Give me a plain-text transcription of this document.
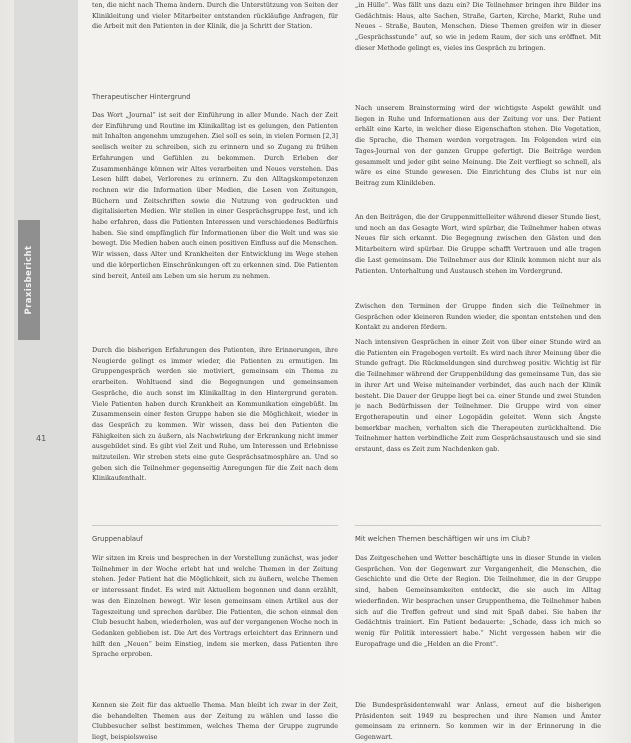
Praxisbericht
41

ten, die nicht nach Thema ändern. Durch die Unterstützung von Seiten der Klinikleitung und vieler Mitarbeiter entstanden rückläufige Anfragen, für die Arbeit mit den Patienten in der Klinik, die ja Schritt der Station.

Therapeutischer Hintergrund

Das Wort „Journal“ ist seit der Einführung in aller Munde. Nach der Zeit der Einführung und Routine im Klinikalltag ist es gelungen, den Patienten mit Inhalten angenehm umzugehen. Ziel soll es sein, in vielen Formen [2,3] seelisch weiter zu schreiben, sich zu erinnern und so Zugang zu frühen Erfahrungen und Gefühlen zu bekommen. Durch Erleben der Zusammenhänge können wir Altes verarbeiten und Neues verstehen. Das Lesen hilft dabei, Verlorenes zu erinnern. Zu den Alltagskompetenzen rechnen wir die Information über Medien, die Lesen von Zeitungen, Büchern und Zeitschriften sowie die Nutzung von gedruckten und digitalisierten Medien. Wir stellen in einer Gesprächsgruppe fest, und ich habe erfahren, dass die Patienten Interessen und verschiedenes Bedürfnis haben. Sie sind empfänglich für Informationen über die Welt und was sie bewegt. Die Medien haben auch einen positiven Einfluss auf die Menschen. Wir wissen, dass Alter und Krankheiten der Entwicklung im Wege stehen und die körperlichen Einschränkungen oft zu erkennen sind. Die Patienten sind bereit, Anteil am Leben um sie herum zu nehmen.

Durch die bisherigen Erfahrungen des Patienten, ihre Erinnerungen, ihre Neugierde gelingt es immer wieder, die Patienten zu ermutigen. Im Gruppengespräch werden sie motiviert, gemeinsam ein Thema zu erarbeiten. Wohltuend sind die Begegnungen und gemeinsamen Gespräche, die auch sonst im Klinikalltag in den Hintergrund geraten. Viele Patienten haben durch Krankheit an Kommunikation eingebüßt. Im Zusammensein einer festen Gruppe haben sie die Möglichkeit, wieder in das Gespräch zu kommen. Wir wissen, dass bei den Patienten die Fähigkeiten sich zu äußern, als Nachwirkung der Erkrankung nicht immer ausgebildet sind. Es gibt viel Zeit und Ruhe, um Interessen und Erlebnisse mitzuteilen. Wir streben stets eine gute Gesprächsatmosphäre an. Und so geben sich die Teilnehmer gegenseitig Anregungen für die Zeit nach dem Klinikaufenthalt.

Gruppenablauf

Wir sitzen im Kreis und besprechen in der Vorstellung zunächst, was jeder Teilnehmer in der Woche erlebt hat und welche Themen in der Zeitung stehen. Jeder Patient hat die Möglichkeit, sich zu äußern, welche Themen er interessant findet. Es wird mit Aktuellem begonnen und dann erzählt, was den Einzelnen bewegt. Wir lesen gemeinsam einen Artikel aus der Tageszeitung und sprechen darüber. Die Patienten, die schon einmal den Club besucht haben, wiederholen, was auf der vergangenen Woche noch in Gedanken geblieben ist. Die Art des Vortrags erleichtert das Erinnern und hilft den „Neuen“ beim Einstieg, indem sie merken, dass Patienten ihre Sprache erproben.

Kennen sie Zeit für das aktuelle Thema. Man bleibt ich zwar in der Zeit, die behandelten Themen aus der Zeitung zu wählen und lasse die Clubbesucher selbst bestimmen, welches Thema der Gruppe zugrunde liegt, beispielsweise

„in Hülle“. Was fällt uns dazu ein? Die Teilnehmer bringen ihre Bilder ins Gedächtnis: Haus, alte Sachen, Straße, Garten, Kirche, Markt, Ruhe und Neues – Straße, Bauten, Menschen. Diese Themen greifen wir in dieser „Gesprächsstunde“ auf, so wie in jedem Raum, der sich uns eröffnet. Mit dieser Methode gelingt es, vieles ins Gespräch zu bringen.

Nach unserem Brainstorming wird der wichtigste Aspekt gewählt und liegen in Ruhe und Informationen aus der Zeitung vor uns. Der Patient erhält eine Karte, in welcher diese Eigenschaften stehen. Die Vegetation, die Sprache, die Themen werden vorgetragen. Im Folgenden wird ein Tages-Journal von der ganzen Gruppe gefertigt. Die Beiträge werden gesammelt und jeder gibt seine Meinung. Die Zeit verfliegt so schnell, als wäre es eine Stunde gewesen. Die Einrichtung des Clubs ist nur ein Beitrag zum Klinikleben.

An den Beiträgen, die der Gruppenmittelleiter während dieser Stunde liest, und noch an das Gesagte Wort, wird spürbar, die Teilnehmer haben etwas Neues für sich erkannt. Die Begegnung zwischen den Gästen und den Mitarbeitern wird spürbar. Die Gruppe schafft Vertrauen und alle tragen die Last gemeinsam. Die Teilnehmer aus der Klinik kommen nicht nur als Patienten. Unterhaltung und Austausch stehen im Vordergrund.

Zwischen den Terminen der Gruppe finden sich die Teilnehmer in Gesprächen oder kleineren Runden wieder, die spontan entstehen und den Kontakt zu anderen fördern.

Nach intensiven Gesprächen in einer Zeit von über einer Stunde wird an die Patienten ein Fragebogen verteilt. Es wird nach ihrer Meinung über die Stunde gefragt. Die Rückmeldungen sind durchweg positiv. Wichtig ist für die Teilnehmer während der Gruppenbildung das gemeinsame Tun, das sie in ihrer Art und Weise miteinander verbindet, das auch nach der Klinik besteht. Die Dauer der Gruppe liegt bei ca. einer Stunde und zwei Stunden je nach Bedürfnissen der Teilnehmer. Die Gruppe wird von einer Ergotherapeutin und einer Logopädin geleitet. Wenn sich Ängste bemerkbar machen, verhalten sich die Therapeuten zurückhaltend. Die Teilnehmer hatten verbindliche Zeit zum Gesprächsaustausch und sie sind erstaunt, dass es Zeit zum Nachdenken gab.

Mit welchen Themen beschäftigen wir uns im Club?

Das Zeitgeschehen und Wetter beschäftigte uns in dieser Stunde in vielen Gesprächen. Von der Gegenwart zur Vergangenheit, die Menschen, die Geschichte und die Orte der Region. Die Teilnehmer, die in der Gruppe sind, haben Gemeinsamkeiten entdeckt, die sie auch im Alltag wiederfinden. Wir besprachen unser Gruppenthema, die Teilnehmer haben sich auf die Treffen gefreut und sind mit Spaß dabei. Sie haben ihr Gedächtnis trainiert. Ein Patient bedauerte: „Schade, dass ich mich so wenig für Politik interessiert habe.“ Nicht vergessen haben wir die Europafrage und die „Helden an die Front“.

Die Bundespräsidentenwahl war Anlass, erneut auf die bisherigen Präsidenten seit 1949 zu besprechen und ihre Namen und Ämter gemeinsam zu erinnern. So kommen wir in der Erinnerung in die Gegenwart.
